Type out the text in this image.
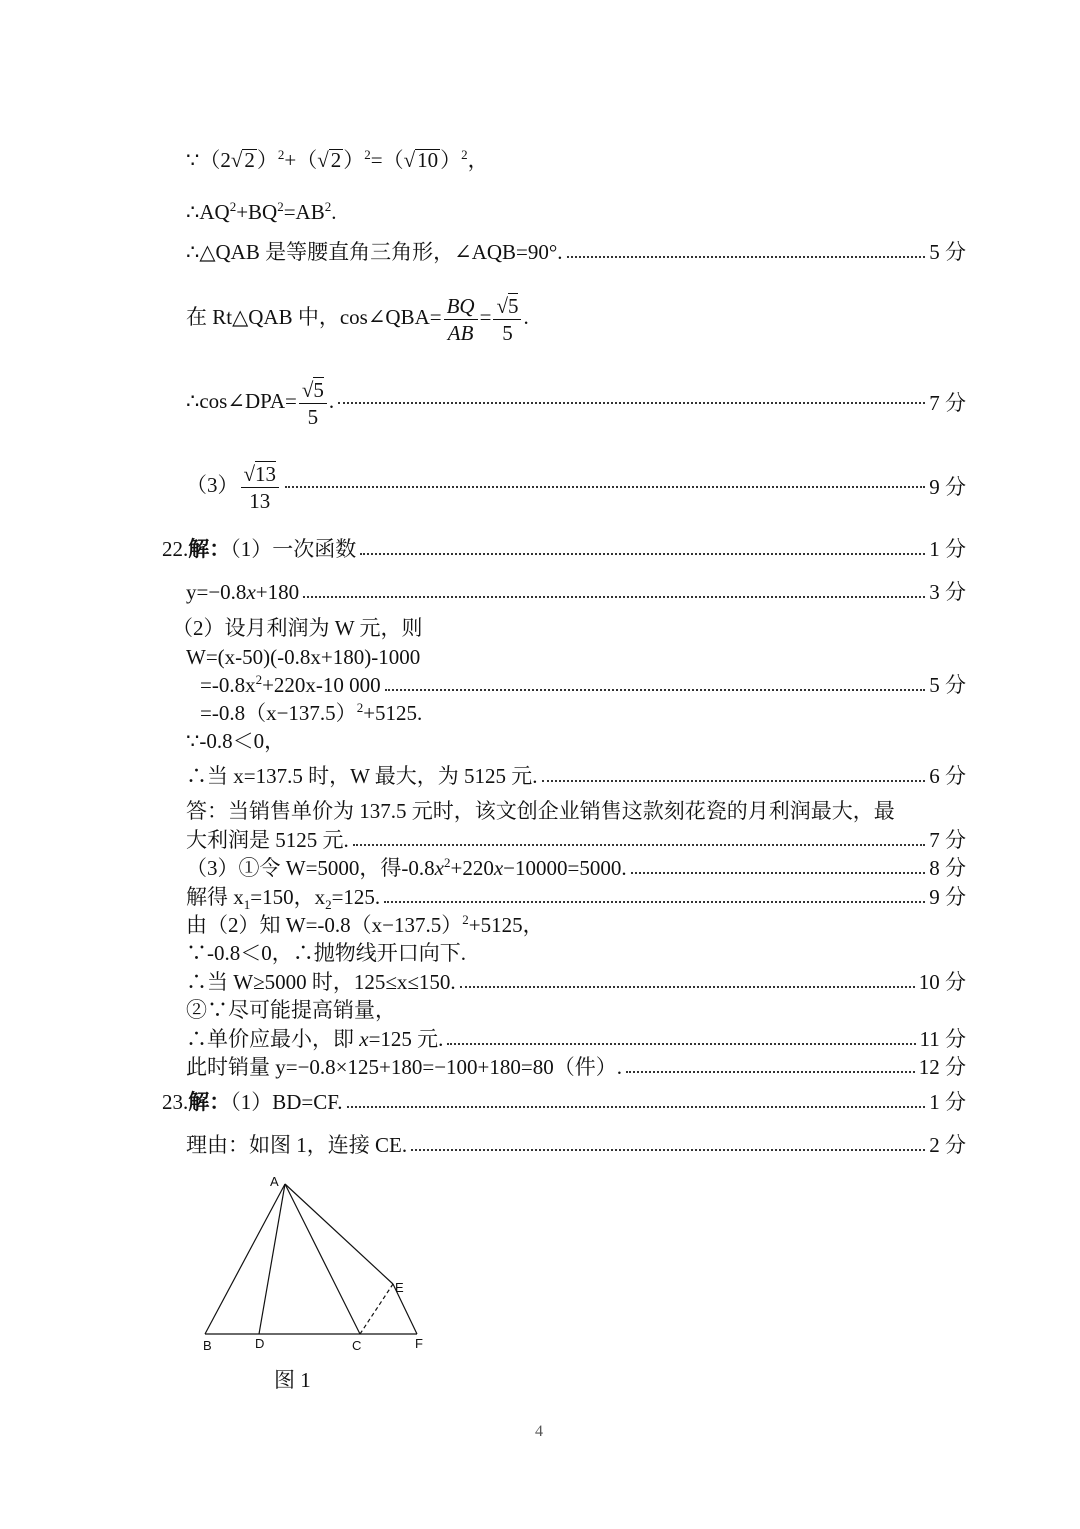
$\because(2√2)^2+(√2)^2=(√10)^2$，
$\therefore AQ^2+BQ^2=AB^2$.
∴△QAB 是等腰直角三角形，∠AQB=90°.	5 分
在 Rt△QAB 中，cos∠QBA= $\frac{BQ}{AB} = \frac{√5}{5}$ .
∴cos∠DPA= $\frac{√5}{5}$ .	7 分
$(3) \frac{√13}{13}$	9 分
22.解：（1）一次函数	1 分
y=−0.8x+180	3 分
（2）设月利润为 W 元，则
W=(x-50)(-0.8x+180)-1000
$=-0.8x^2+220x-10$ 000	5 分
$=-0.8(x-137.5)^2+5125$.
∵-0.8＜0，
∴当 x=137.5 时，W 最大，为 5125 元.	6 分
答：当销售单价为 137.5 元时，该文创企业销售这款刻花瓷的月利润最大，最
大利润是 5125 元.	7 分
（3）①令 W=5000，得$-0.8x^2+220x-10000=5000$.	8 分
解得 $x_1=150$，$x_2=125$.	9 分
由（2）知 $W=-0.8(x-137.5)^2+5125$，
∵-0.8＜0，∴抛物线开口向下.
∴当 W≥5000 时，125≤x≤150.	10 分
②∵尽可能提高销量，
∴单价应最小，即 x=125 元.	11 分
此时销量 y=−0.8×125+180=−100+180=80（件）.	12 分
23.解：（1）BD=CF.	1 分
理由：如图 1，连接 CE.	2 分
A
B	D	C
E
F
图 1
4
